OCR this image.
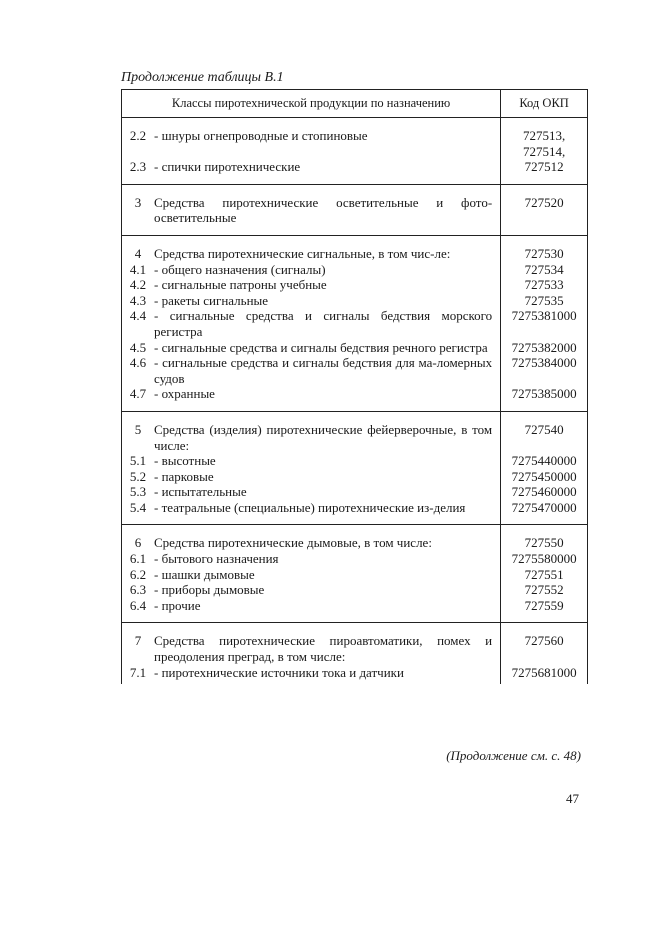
Продолжение таблицы В.1
Классы пиротехнической продукции по назначению	Код ОКП

2.2 - шнуры огнепроводные и стопиновые	727513, 727514,

2.3 - спички пиротехнические	727512

3 Средства пиротехнические осветительные и фото-осветительные	727520

4 Средства пиротехнические сигнальные, в том чис-ле:	727530

4.1 - общего назначения (сигналы)	727534

4.2 - сигнальные патроны учебные	727533

4.3 - ракеты сигнальные	727535

4.4 - сигнальные средства и сигналы бедствия морского регистра	7275381000

4.5 - сигнальные средства и сигналы бедствия речного регистра	7275382000

4.6 - сигнальные средства и сигналы бедствия для ма-ломерных судов	7275384000

4.7 - охранные	7275385000

5 Средства (изделия) пиротехнические фейерверочные, в том числе:	727540

5.1 - высотные	7275440000

5.2 - парковые	7275450000

5.3 - испытательные	7275460000

5.4 - театральные (специальные) пиротехнические из-делия	7275470000

6 Средства пиротехнические дымовые, в том числе:	727550

6.1 - бытового назначения	7275580000

6.2 - шашки дымовые	727551

6.3 - приборы дымовые	727552

6.4 - прочие	727559

7 Средства пиротехнические пироавтоматики, помех и преодоления преград, в том числе:	727560

7.1 - пиротехнические источники тока и датчики	7275681000
(Продолжение см. с. 48)
47
